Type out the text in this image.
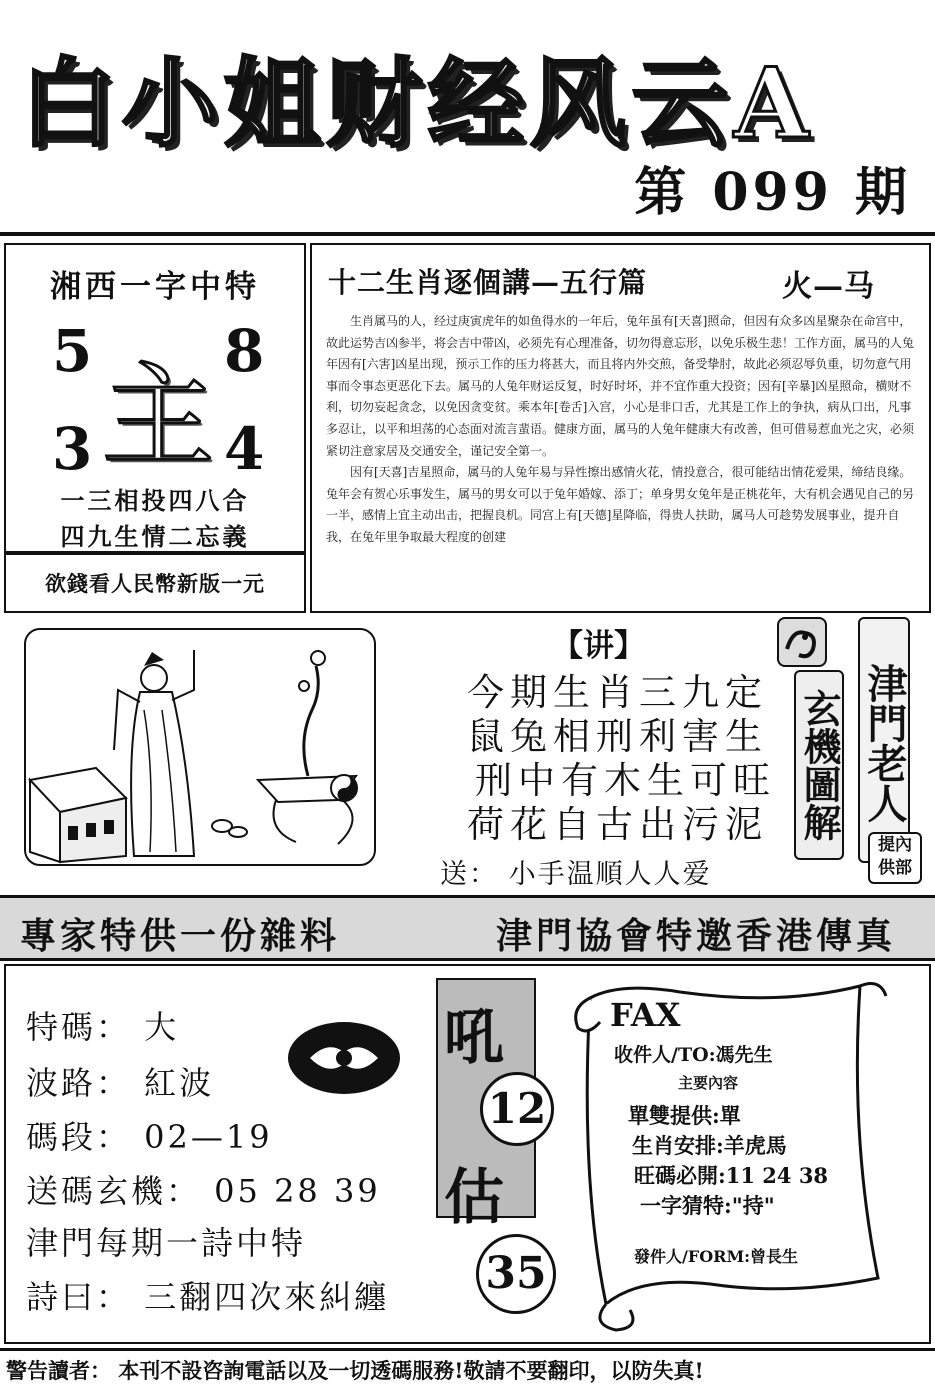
白小姐财经风云A
第 099 期
湘西一字中特
5 8
3 4
主
一三相投四八合
四九生情二忘義
欲錢看人民幣新版一元
十二生肖逐個講—五行篇	火—马

生肖属马的人，经过庚寅虎年的如鱼得水的一年后，兔年虽有[天喜]照命，但因有众多凶星聚杂在命宫中，故此运势吉凶参半，将会吉中带凶，必须先有心理准备，切勿得意忘形，以免乐极生悲！工作方面，属马的人兔年因有[六害]凶星出现，预示工作的压力将甚大，而且将内外交煎，备受挚肘，故此必须忍辱负重，切勿意气用事而令事态更恶化下去。属马的人兔年财运反复，时好时坏，并不宜作重大投资；因有[辛暴]凶星照命，横财不利，切勿妄起贪念，以免因贪变贫。乘本年[卷舌]入宫，小心是非口舌，尤其是工作上的争执，病从口出，凡事多忍让，以平和坦荡的心态面对流言蜚语。健康方面，属马的人兔年健康大有改善，但可借易惹血光之灾，必须紧切注意家居及交通安全，谨记安全第一。

因有[天喜]吉星照命，属马的人兔年易与异性擦出感情火花，情投意合，很可能结出情花爱果，缔结良缘。兔年会有贺心乐事发生，属马的男女可以于兔年婚嫁、添丁；单身男女兔年是正桃花年，大有机会遇见自己的另一半，感情上宜主动出击，把握良机。同宫上有[天德]星降临，得贵人扶助，属马人可趁势发展事业，提升自我，在兔年里争取最大程度的创建

【讲】
今期生肖三九定
鼠兔相刑利害生
刑中有木生可旺
荷花自古出污泥
送： 小手温順人人爱
玄機圖解 津門老人
提內
供部
專家特供一份雜料	津門協會特邀香港傳真
特碼： 大
波路： 紅波
碼段： 02—19
送碼玄機： 05 28 39
津門每期一詩中特
詩曰： 三翻四次來糾纏
吼
12
估
35
FAX
收件人/TO:馮先生
主要內容
單雙提供:單
生肖安排:羊虎馬
旺碼必開:11 24 38
一字猜特:"持"
發件人/FORM:曾長生
警告讀者： 本刊不設咨詢電話以及一切透碼服務!敬請不要翻印，以防失真!
